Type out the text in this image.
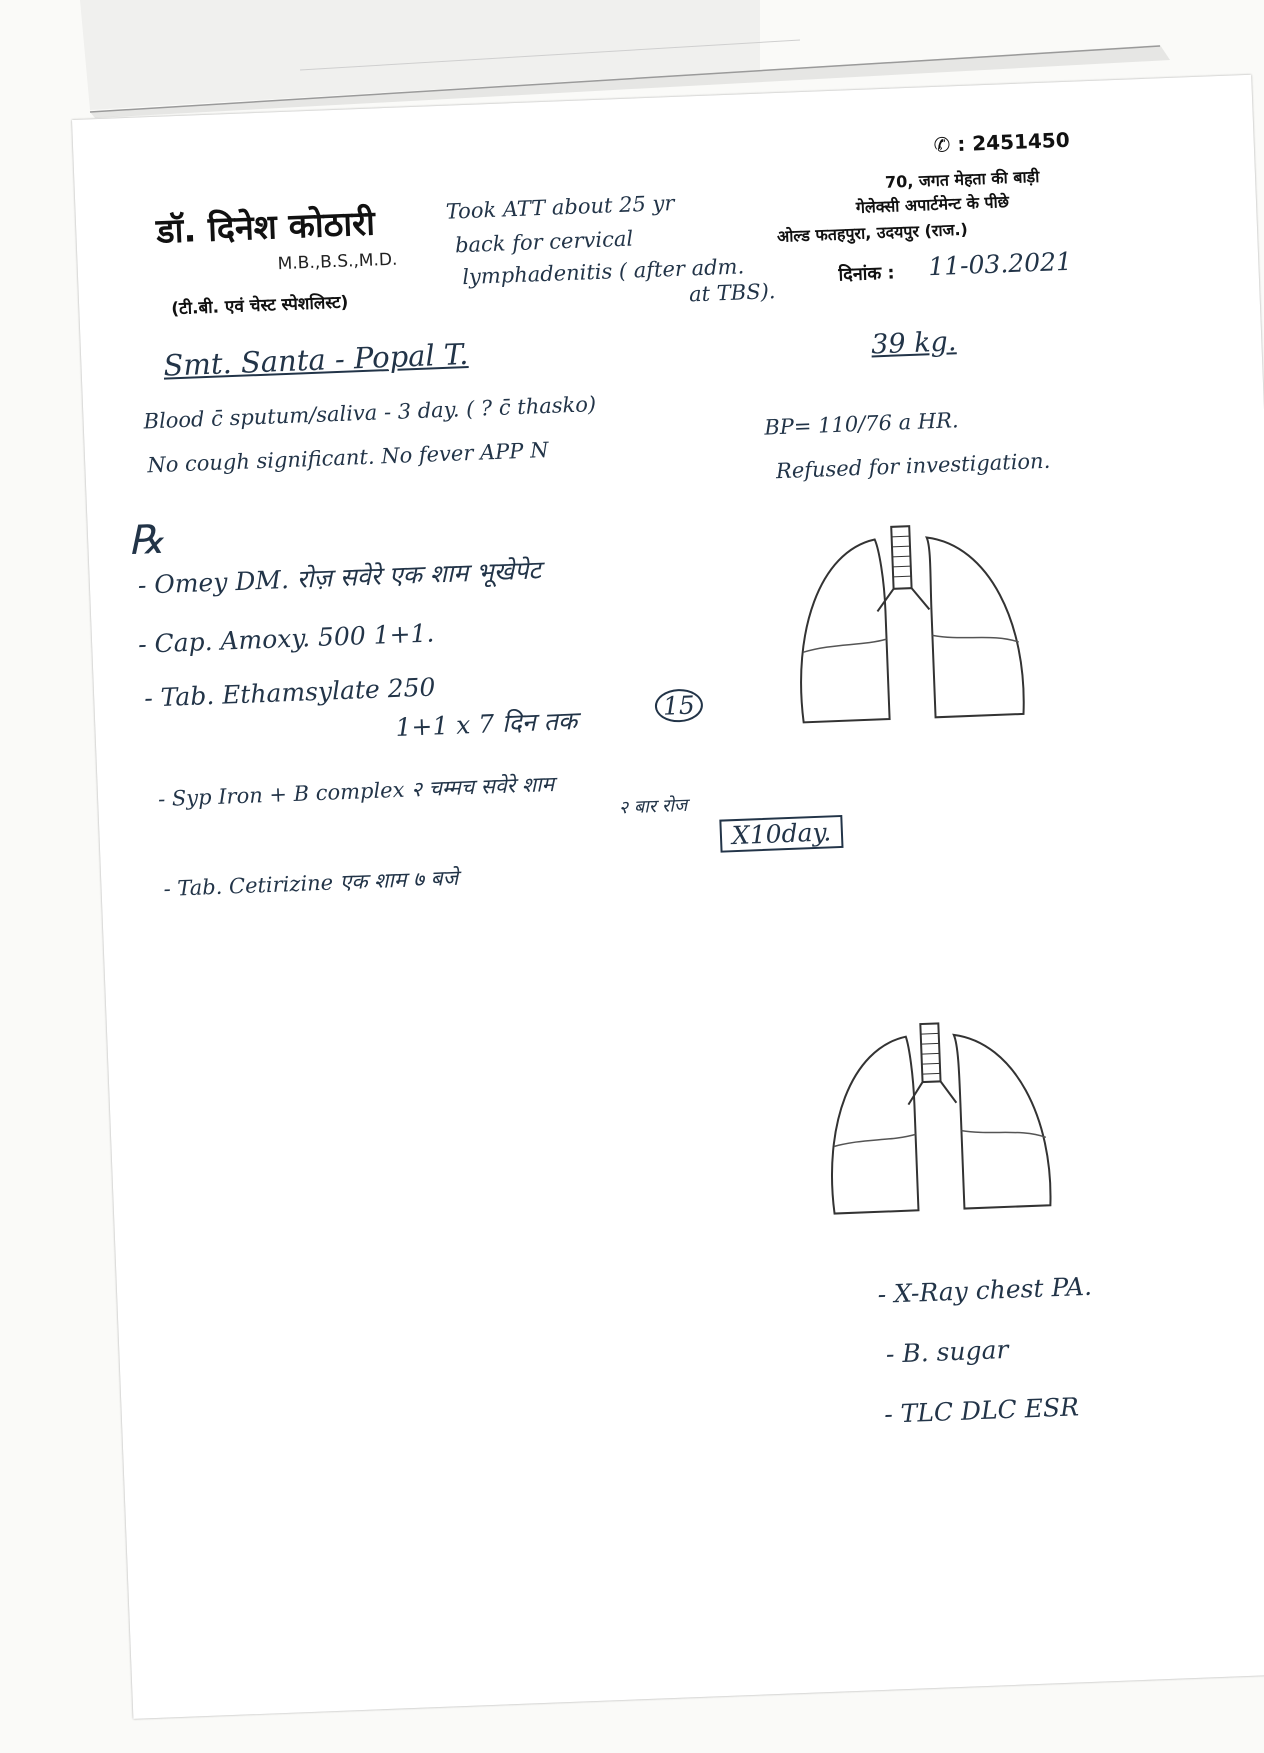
डॉ. दिनेश कोठारी
M.B.,B.S.,M.D.
(टी.बी. एवं चेस्ट स्पेशलिस्ट)
✆ : 2451450
70, जगत मेहता की बाड़ी
गेलेक्सी अपार्टमेन्ट के पीछे
ओल्ड फतहपुरा, उदयपुर (राज.)
दिनांक : 11-03.2021
Took ATT about 25 yr
back for cervical
lymphadenitis ( after adm.
at TBS).
Smt. Santa - Popal T.	39 kg.
Blood c̄ sputum/saliva - 3 day. ( ? c̄ thasko)
No cough significant. No fever APP N
BP= 110/76 a HR.
Refused for investigation.
℞
- Omey DM. रोज़ सवेरे एक शाम भूखेपेट
- Cap. Amoxy. 500 1+1.
- Tab. Ethamsylate 250
1+1 x 7 दिन तक
15
- Syp Iron + B complex २ चम्मच सवेरे शाम	२ बार रोज
X10day.
- Tab. Cetirizine एक शाम ७ बजे
- X-Ray chest PA.
- B. sugar
- TLC DLC ESR
